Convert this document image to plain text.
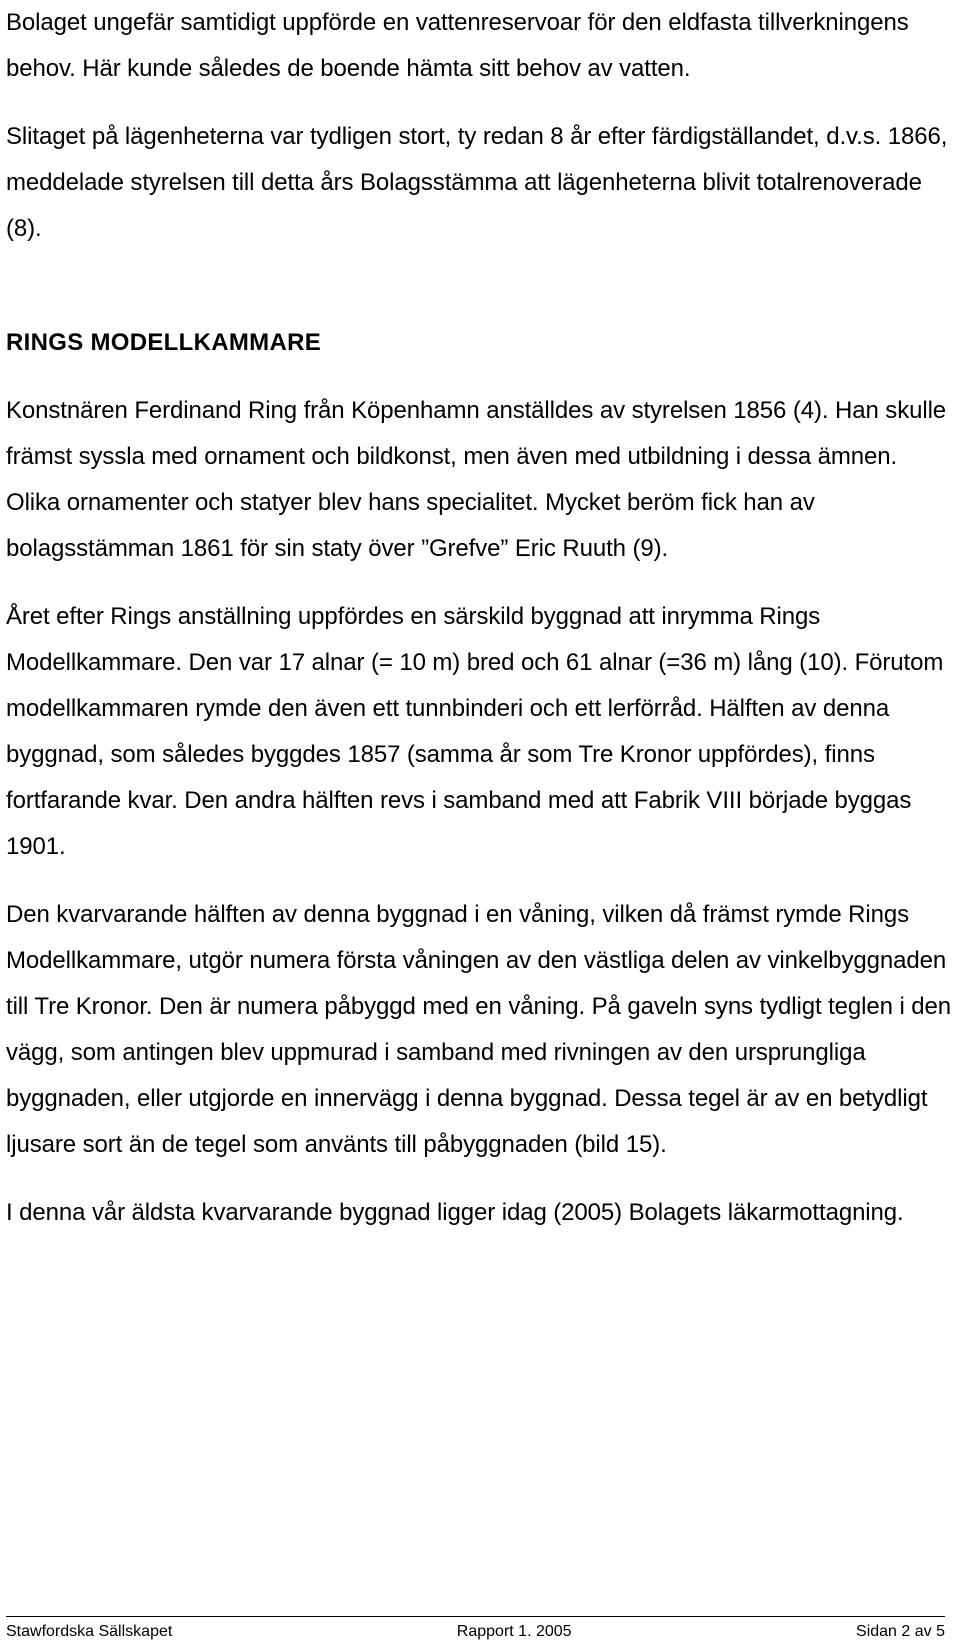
Bolaget ungefär samtidigt uppförde en vattenreservoar för den eldfasta tillverkningens behov. Här kunde således de boende hämta sitt behov av vatten.

Slitaget på lägenheterna var tydligen stort, ty redan 8 år efter färdigställandet, d.v.s. 1866, meddelade styrelsen till detta års Bolagsstämma att lägenheterna blivit totalrenoverade (8).

RINGS MODELLKAMMARE

Konstnären Ferdinand Ring från Köpenhamn anställdes av styrelsen 1856 (4). Han skulle främst syssla med ornament och bildkonst, men även med utbildning i dessa ämnen. Olika ornamenter och statyer blev hans specialitet. Mycket beröm fick han av bolagsstämman 1861 för sin staty över ”Grefve” Eric Ruuth (9).

Året efter Rings anställning uppfördes en särskild byggnad att inrymma Rings Modellkammare. Den var 17 alnar (= 10 m) bred och 61 alnar (=36 m) lång (10). Förutom modellkammaren rymde den även ett tunnbinderi och ett lerförråd. Hälften av denna byggnad, som således byggdes 1857 (samma år som Tre Kronor uppfördes), finns fortfarande kvar. Den andra hälften revs i samband med att Fabrik VIII började byggas 1901.

Den kvarvarande hälften av denna byggnad i en våning, vilken då främst rymde Rings Modellkammare, utgör numera första våningen av den västliga delen av vinkelbyggnaden till Tre Kronor. Den är numera påbyggd med en våning. På gaveln syns tydligt teglen i den vägg, som antingen blev uppmurad i samband med rivningen av den ursprungliga byggnaden, eller utgjorde en innervägg i denna byggnad. Dessa tegel är av en betydligt ljusare sort än de tegel som använts till påbyggnaden (bild 15).

I denna vår äldsta kvarvarande byggnad ligger idag (2005) Bolagets läkarmottagning.

Stawfordska Sällskapet	Rapport 1. 2005	Sidan 2 av 5
